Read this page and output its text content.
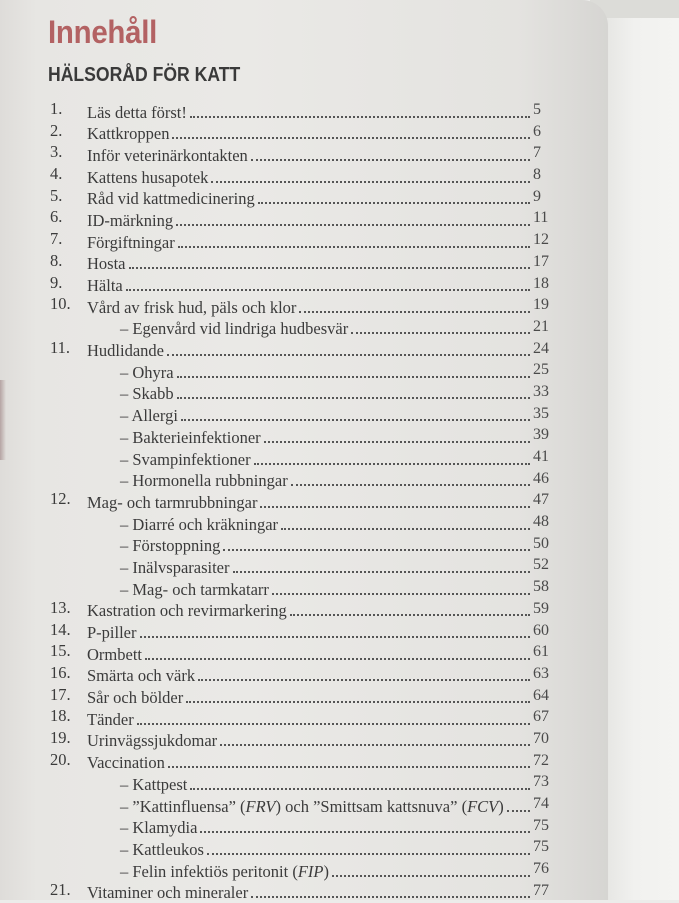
Innehåll
HÄLSORÅD FÖR KATT
1. Läs detta först!	5
2. Kattkroppen	6
3. Inför veterinärkontakten	7
4. Kattens husapotek	8
5. Råd vid kattmedicinering	9
6. ID-märkning	11
7. Förgiftningar	12
8. Hosta	17
9. Hälta	18
10. Vård av frisk hud, päls och klor	19
– Egenvård vid lindriga hudbesvär	21
11. Hudlidande	24
– Ohyra	25
– Skabb	33
– Allergi	35
– Bakterieinfektioner	39
– Svampinfektioner	41
– Hormonella rubbningar	46
12. Mag- och tarmrubbningar	47
– Diarré och kräkningar	48
– Förstoppning	50
– Inälvsparasiter	52
– Mag- och tarmkatarr	58
13. Kastration och revirmarkering	59
14. P-piller	60
15. Ormbett	61
16. Smärta och värk	63
17. Sår och bölder	64
18. Tänder	67
19. Urinvägssjukdomar	70
20. Vaccination	72
– Kattpest	73
– ”Kattinfluensa” (FRV) och ”Smittsam kattsnuva” (FCV) 74
– Klamydia	75
– Kattleukos	75
– Felin infektiös peritonit (FIP)	76
21. Vitaminer och mineraler	77
